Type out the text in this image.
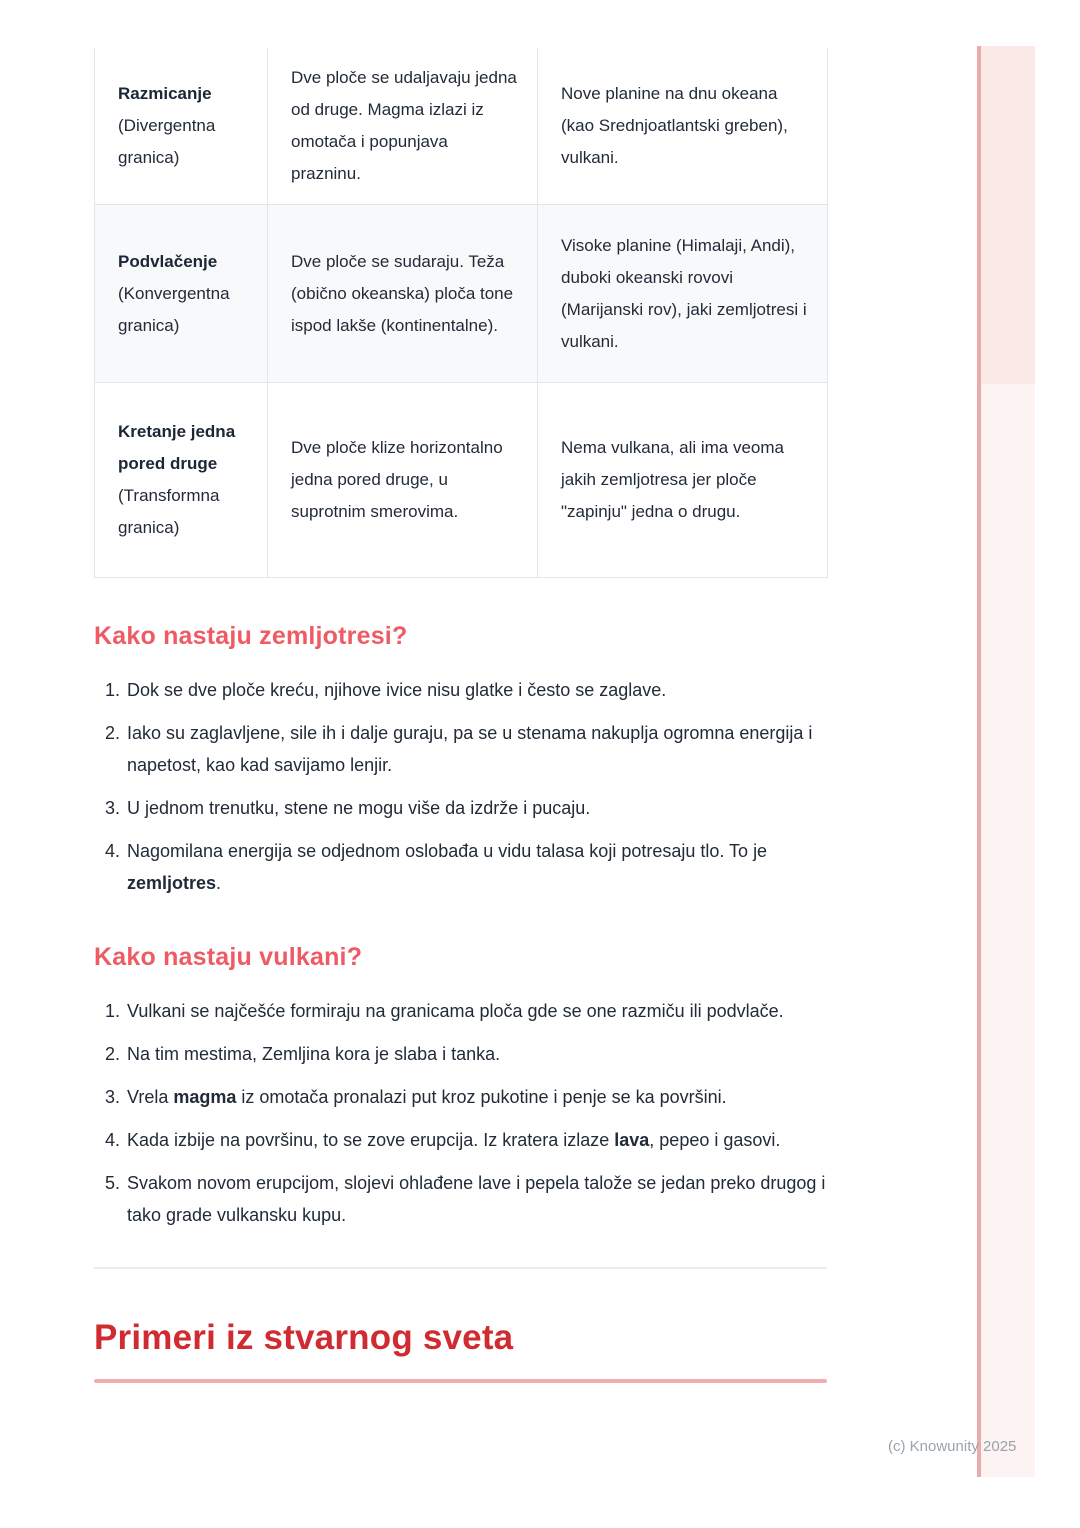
Razmicanje (Divergentna granica)	Dve ploče se udaljavaju jedna od druge. Magma izlazi iz omotača i popunjava prazninu.	Nove planine na dnu okeana (kao Srednjoatlantski greben), vulkani.
Podvlačenje (Konvergentna granica)	Dve ploče se sudaraju. Teža (obično okeanska) ploča tone ispod lakše (kontinentalne).	Visoke planine (Himalaji, Andi), duboki okeanski rovovi (Marijanski rov), jaki zemljotresi i vulkani.
Kretanje jedna pored druge (Transformna granica)	Dve ploče klize horizontalno jedna pored druge, u suprotnim smerovima.	Nema vulkana, ali ima veoma jakih zemljotresa jer ploče "zapinju" jedna o drugu.
Kako nastaju zemljotresi?
1. Dok se dve ploče kreću, njihove ivice nisu glatke i često se zaglave.
2. Iako su zaglavljene, sile ih i dalje guraju, pa se u stenama nakuplja ogromna energija i napetost, kao kad savijamo lenjir.
3. U jednom trenutku, stene ne mogu više da izdrže i pucaju.
4. Nagomilana energija se odjednom oslobađa u vidu talasa koji potresaju tlo. To je zemljotres.
Kako nastaju vulkani?
1. Vulkani se najčešće formiraju na granicama ploča gde se one razmiču ili podvlače.
2. Na tim mestima, Zemljina kora je slaba i tanka.
3. Vrela magma iz omotača pronalazi put kroz pukotine i penje se ka površini.
4. Kada izbije na površinu, to se zove erupcija. Iz kratera izlaze lava, pepeo i gasovi.
5. Svakom novom erupcijom, slojevi ohlađene lave i pepela talože se jedan preko drugog i tako grade vulkansku kupu.
Primeri iz stvarnog sveta
(c) Knowunity 2025
